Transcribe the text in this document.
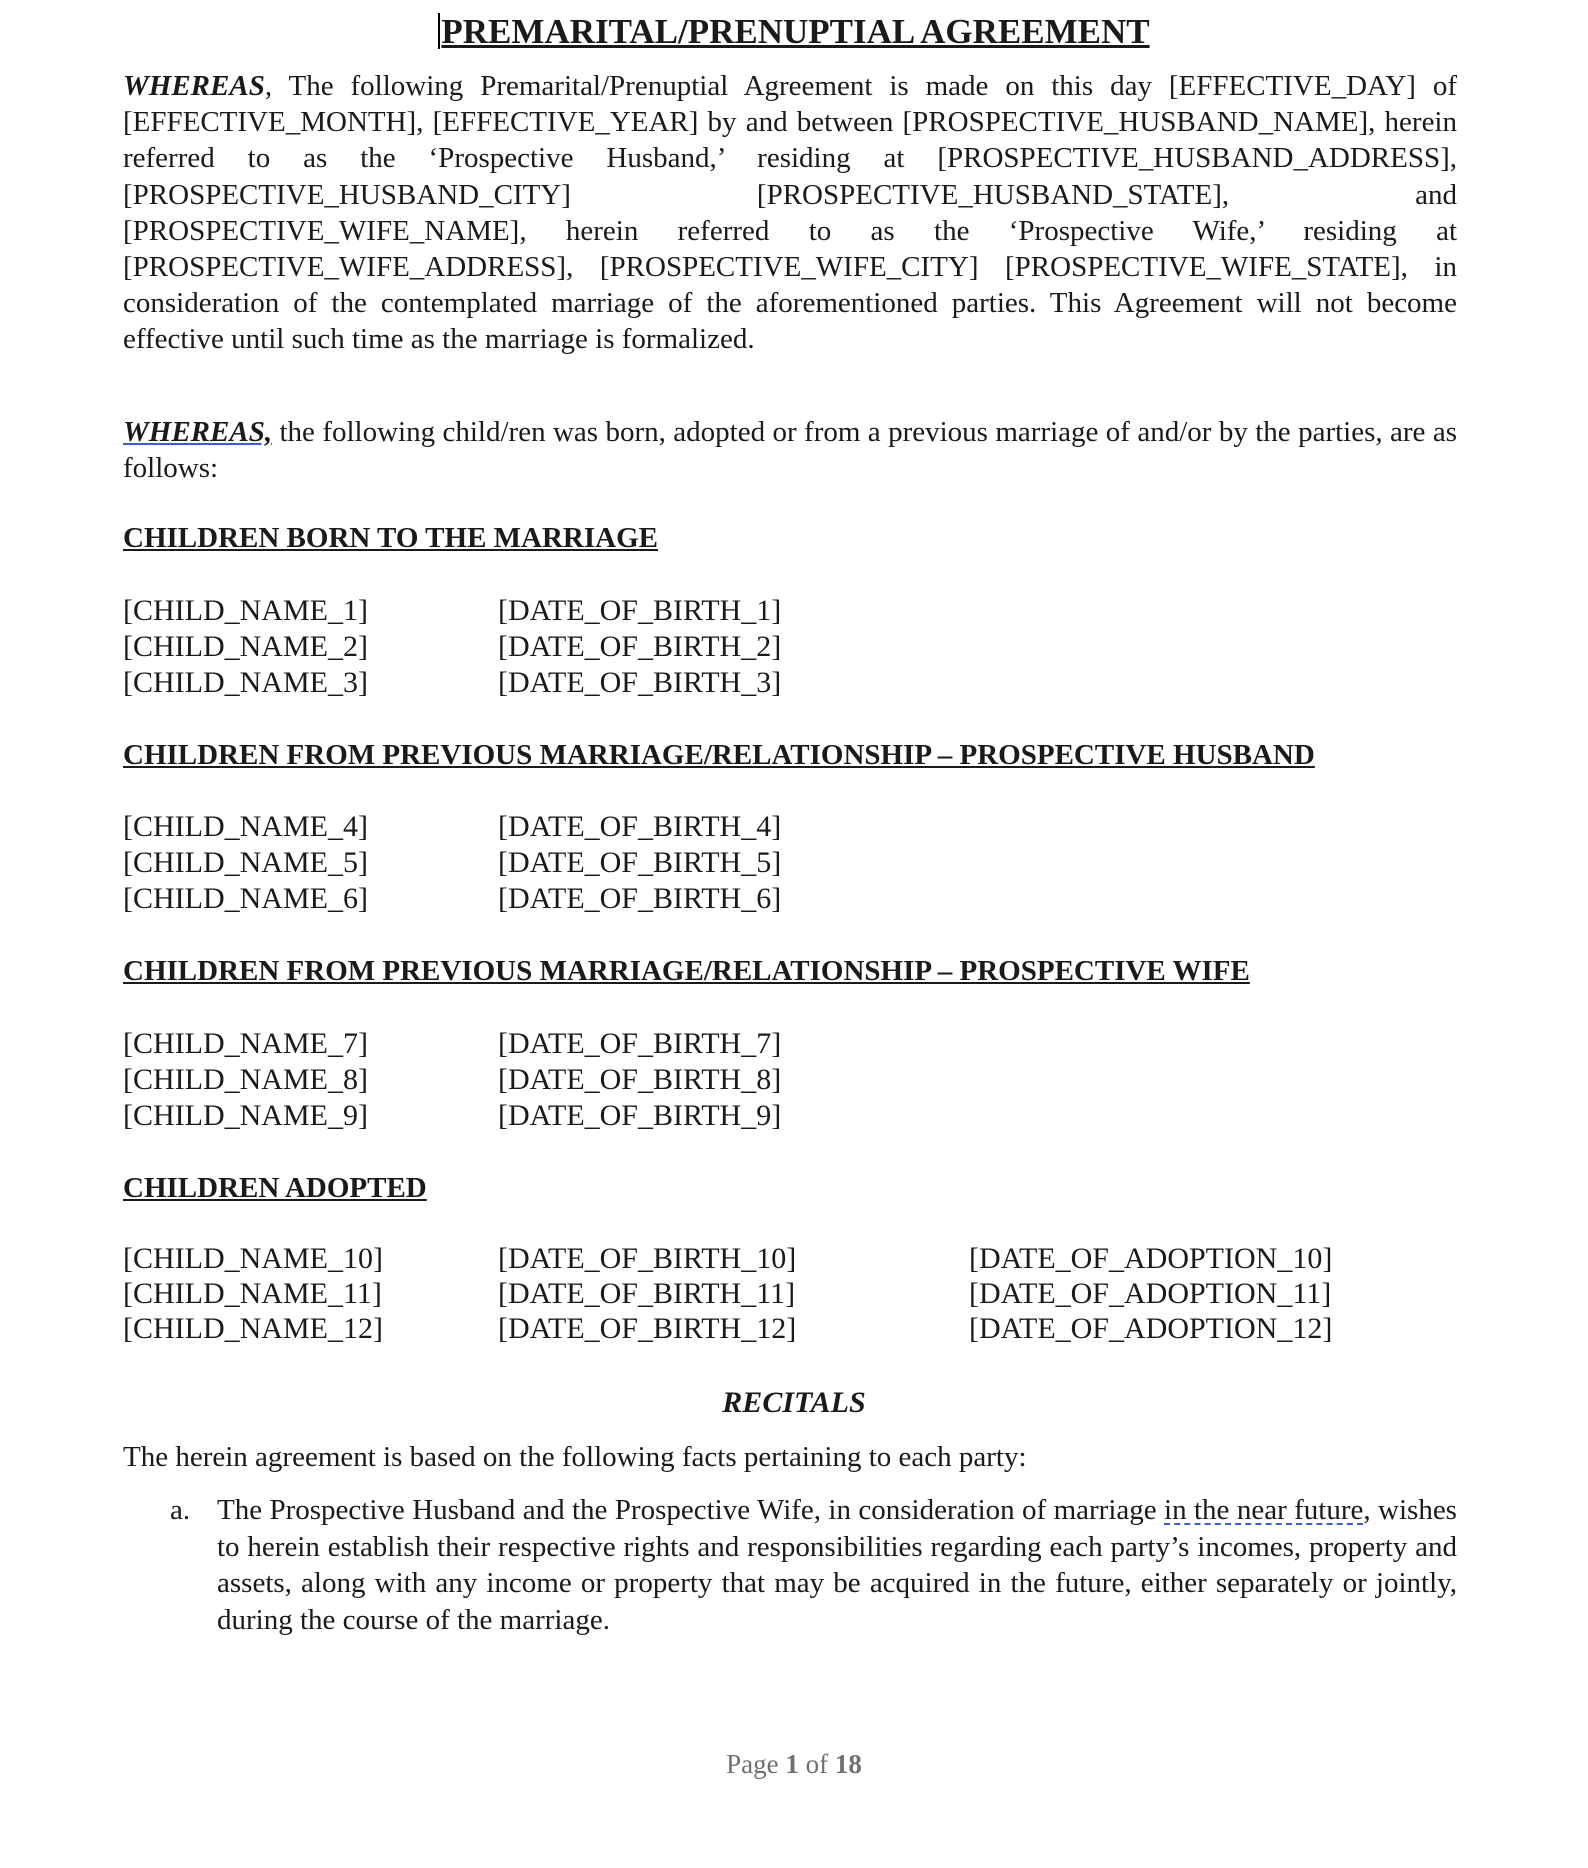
PREMARITAL/PRENUPTIAL AGREEMENT

WHEREAS, The following Premarital/Prenuptial Agreement is made on this day [EFFECTIVE_DAY] of [EFFECTIVE_MONTH], [EFFECTIVE_YEAR] by and between [PROSPECTIVE_HUSBAND_NAME], herein referred to as the ‘Prospective Husband,’ residing at [PROSPECTIVE_HUSBAND_ADDRESS], [PROSPECTIVE_HUSBAND_CITY] [PROSPECTIVE_HUSBAND_STATE], and [PROSPECTIVE_WIFE_NAME], herein referred to as the ‘Prospective Wife,’ residing at [PROSPECTIVE_WIFE_ADDRESS], [PROSPECTIVE_WIFE_CITY] [PROSPECTIVE_WIFE_STATE], in consideration of the contemplated marriage of the aforementioned parties. This Agreement will not become effective until such time as the marriage is formalized.

WHEREAS, the following child/ren was born, adopted or from a previous marriage of and/or by the parties, are as follows:

CHILDREN BORN TO THE MARRIAGE
[CHILD_NAME_1]	[DATE_OF_BIRTH_1]
[CHILD_NAME_2]	[DATE_OF_BIRTH_2]
[CHILD_NAME_3]	[DATE_OF_BIRTH_3]
CHILDREN FROM PREVIOUS MARRIAGE/RELATIONSHIP – PROSPECTIVE HUSBAND
[CHILD_NAME_4]	[DATE_OF_BIRTH_4]
[CHILD_NAME_5]	[DATE_OF_BIRTH_5]
[CHILD_NAME_6]	[DATE_OF_BIRTH_6]
CHILDREN FROM PREVIOUS MARRIAGE/RELATIONSHIP – PROSPECTIVE WIFE
[CHILD_NAME_7]	[DATE_OF_BIRTH_7]
[CHILD_NAME_8]	[DATE_OF_BIRTH_8]
[CHILD_NAME_9]	[DATE_OF_BIRTH_9]
CHILDREN ADOPTED
[CHILD_NAME_10]	[DATE_OF_BIRTH_10]	[DATE_OF_ADOPTION_10]
[CHILD_NAME_11]	[DATE_OF_BIRTH_11]	[DATE_OF_ADOPTION_11]
[CHILD_NAME_12]	[DATE_OF_BIRTH_12]	[DATE_OF_ADOPTION_12]
RECITALS
The herein agreement is based on the following facts pertaining to each party:
a. The Prospective Husband and the Prospective Wife, in consideration of marriage in the near future, wishes to herein establish their respective rights and responsibilities regarding each party’s incomes, property and assets, along with any income or property that may be acquired in the future, either separately or jointly, during the course of the marriage.

Page 1 of 18
